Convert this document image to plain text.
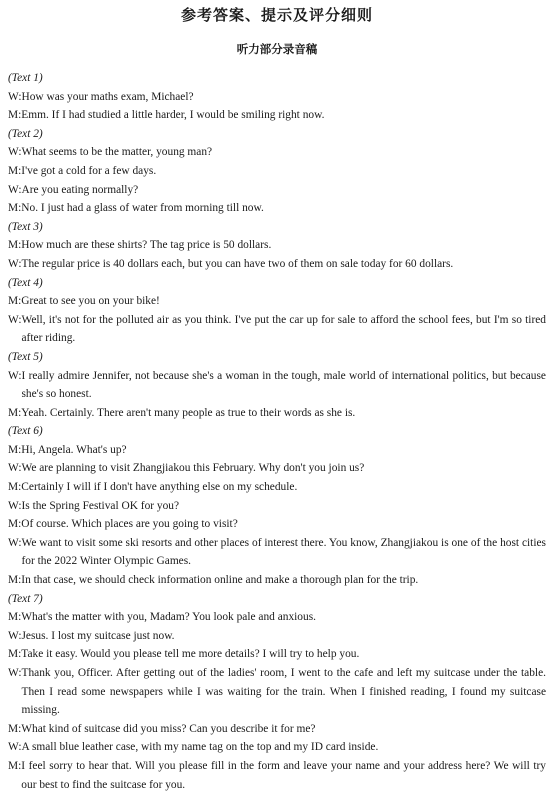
参考答案、提示及评分细则
听力部分录音稿
(Text 1)
W: How was your maths exam, Michael?
M: Emm. If I had studied a little harder, I would be smiling right now.
(Text 2)
W: What seems to be the matter, young man?
M: I've got a cold for a few days.
W: Are you eating normally?
M: No. I just had a glass of water from morning till now.
(Text 3)
M: How much are these shirts? The tag price is 50 dollars.
W: The regular price is 40 dollars each, but you can have two of them on sale today for 60 dollars.
(Text 4)
M: Great to see you on your bike!
W: Well, it's not for the polluted air as you think. I've put the car up for sale to afford the school fees, but I'm so tired after riding.
(Text 5)
W: I really admire Jennifer, not because she's a woman in the tough, male world of international politics, but because she's so honest.
M: Yeah. Certainly. There aren't many people as true to their words as she is.
(Text 6)
M: Hi, Angela. What's up?
W: We are planning to visit Zhangjiakou this February. Why don't you join us?
M: Certainly I will if I don't have anything else on my schedule.
W: Is the Spring Festival OK for you?
M: Of course. Which places are you going to visit?
W: We want to visit some ski resorts and other places of interest there. You know, Zhangjiakou is one of the host cities for the 2022 Winter Olympic Games.
M: In that case, we should check information online and make a thorough plan for the trip.
(Text 7)
M: What's the matter with you, Madam? You look pale and anxious.
W: Jesus. I lost my suitcase just now.
M: Take it easy. Would you please tell me more details? I will try to help you.
W: Thank you, Officer. After getting out of the ladies' room, I went to the cafe and left my suitcase under the table. Then I read some newspapers while I was waiting for the train. When I finished reading, I found my suitcase missing.
M: What kind of suitcase did you miss? Can you describe it for me?
W: A small blue leather case, with my name tag on the top and my ID card inside.
M: I feel sorry to hear that. Will you please fill in the form and leave your name and your address here? We will try our best to find the suitcase for you.
